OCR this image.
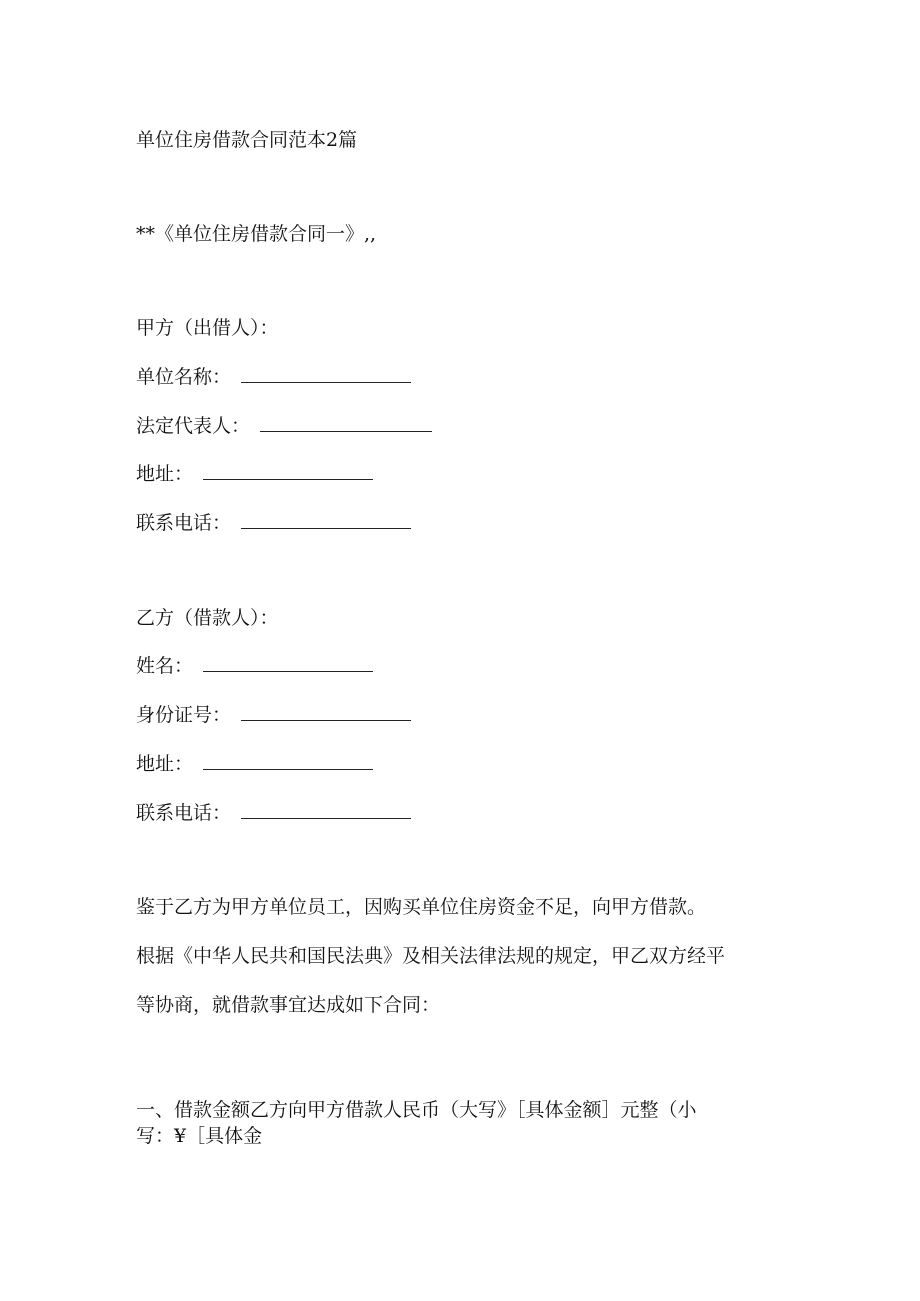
单位住房借款合同范本2篇
**《单位住房借款合同一》,,
甲方（出借人）：
单位名称：
法定代表人：
地址：
联系电话：
乙方（借款人）：
姓名：
身份证号：
地址：
联系电话：
鉴于乙方为甲方单位员工，因购买单位住房资金不足，向甲方借款。
根据《中华人民共和国民法典》及相关法律法规的规定，甲乙双方经平
等协商，就借款事宜达成如下合同：
一、借款金额乙方向甲方借款人民币（大写》［具体金额］元整（小
写：¥［具体金
